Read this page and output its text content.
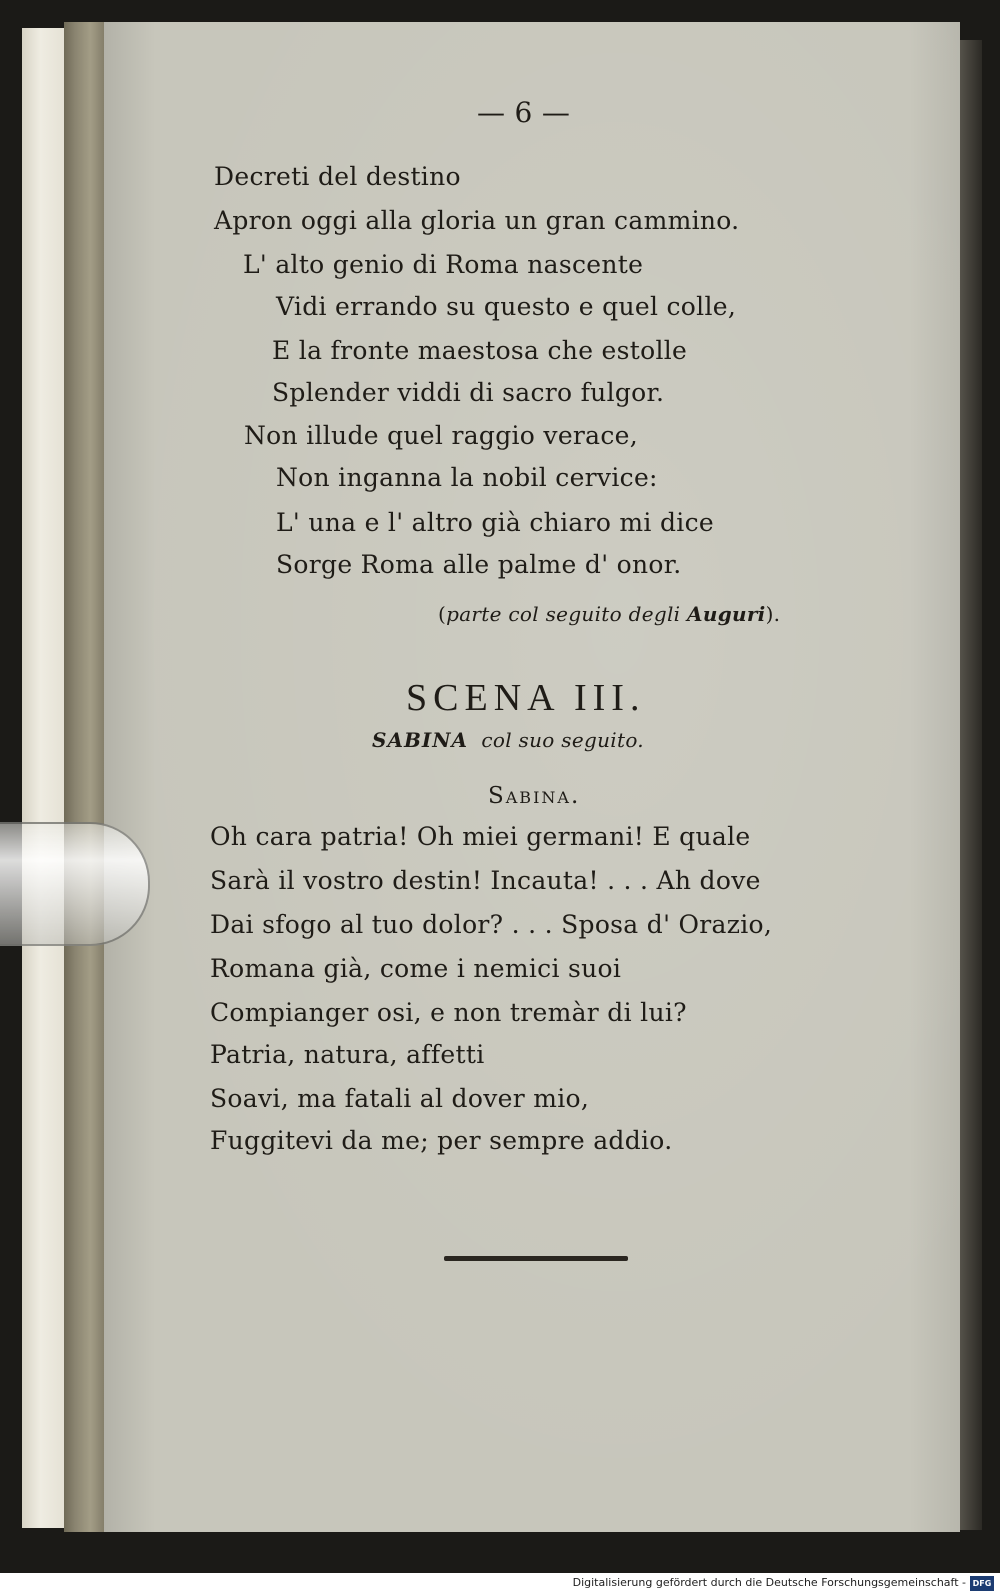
— 6 —
Decreti del destino
Apron oggi alla gloria un gran cammino.
L' alto genio di Roma nascente
Vidi errando su questo e quel colle,
E la fronte maestosa che estolle
Splender viddi di sacro fulgor.
Non illude quel raggio verace,
Non inganna la nobil cervice:
L' una e l' altro già chiaro mi dice
Sorge Roma alle palme d' onor.
(parte col seguito degli Auguri).
SCENA III.
SABINA col suo seguito.
Sabina.
Oh cara patria! Oh miei germani! E quale
Sarà il vostro destin! Incauta! . . . Ah dove
Dai sfogo al tuo dolor? . . . Sposa d' Orazio,
Romana già, come i nemici suoi
Compianger osi, e non tremàr di lui?
Patria, natura, affetti
Soavi, ma fatali al dover mio,
Fuggitevi da me; per sempre addio.
Digitalisierung gefördert durch die Deutsche Forschungsgemeinschaft - DFG
